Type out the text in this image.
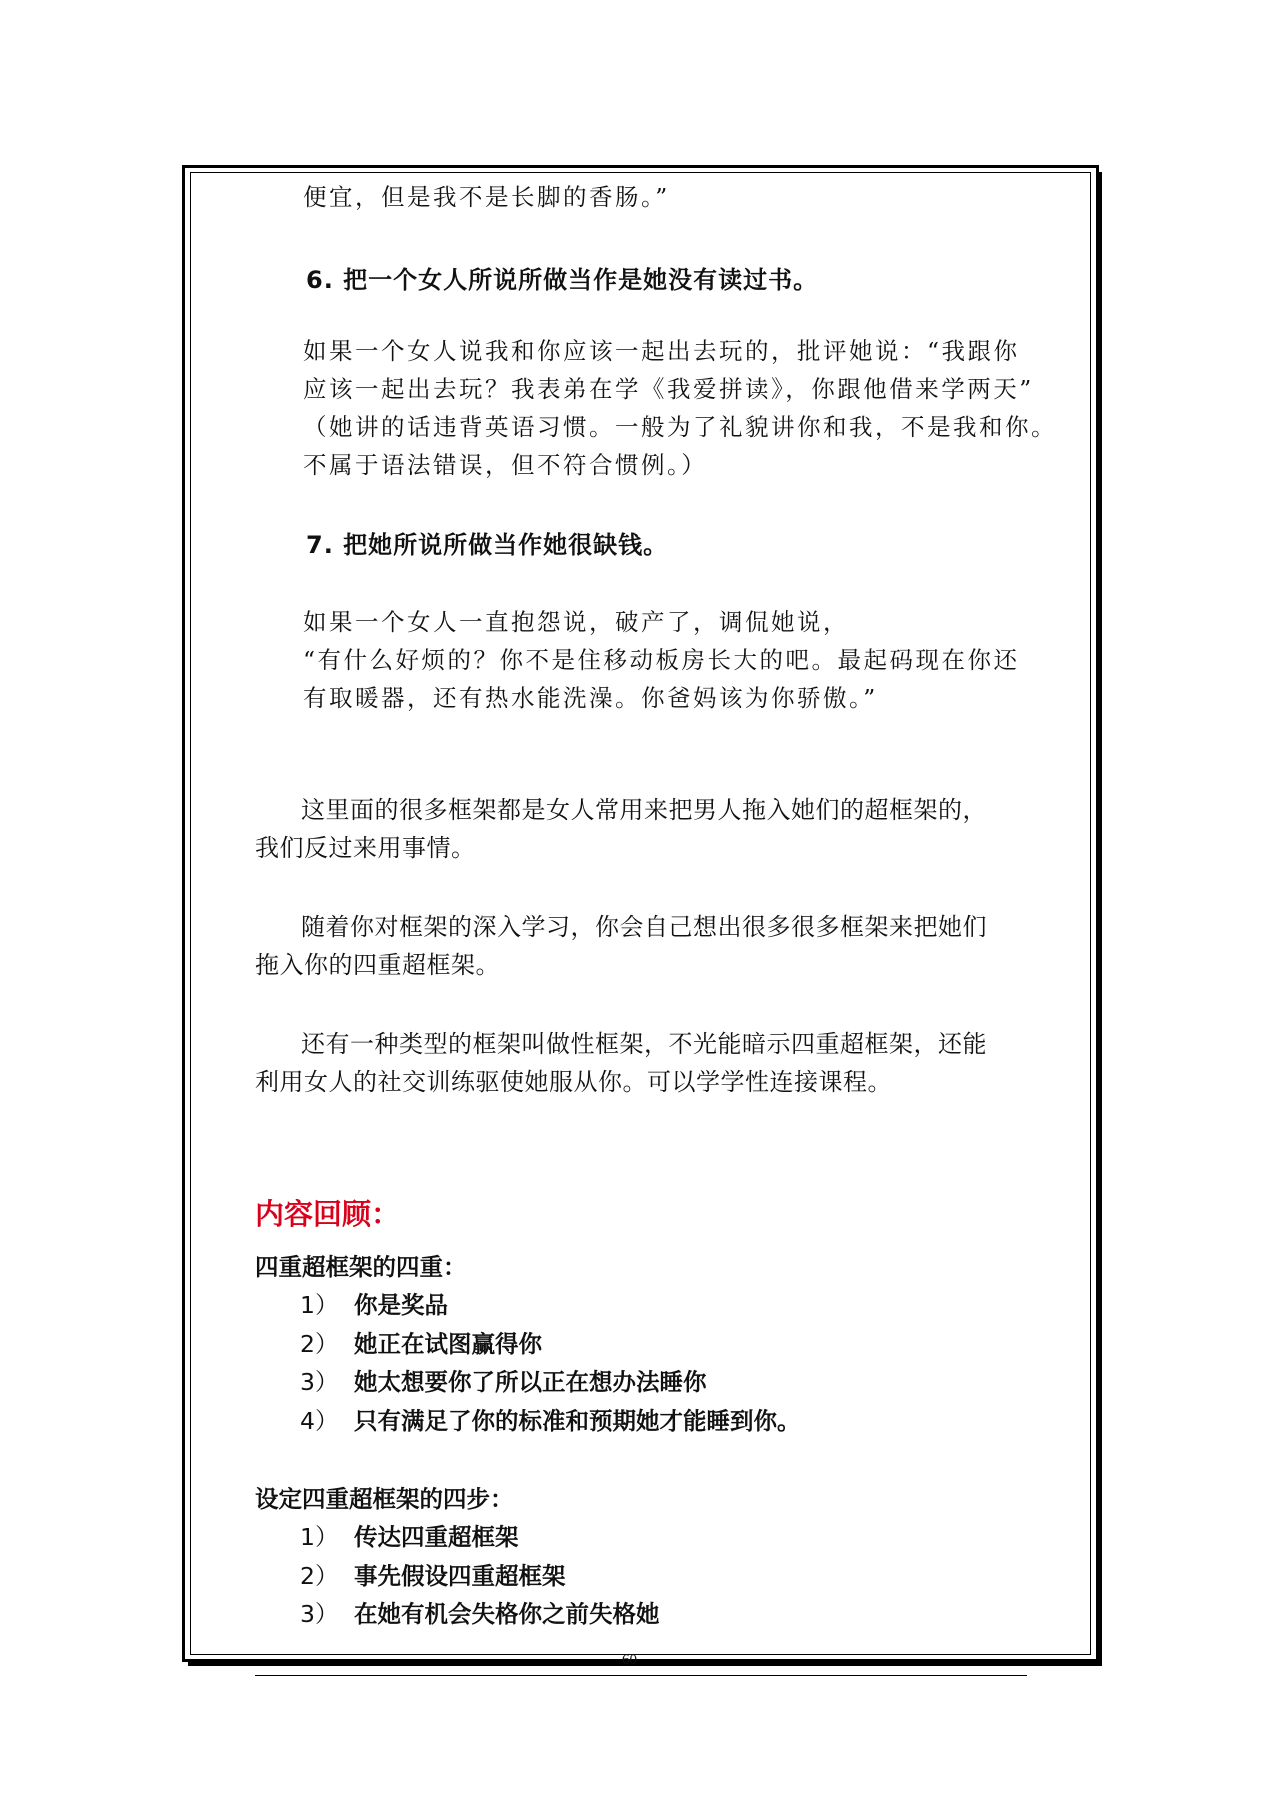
便宜，但是我不是长脚的香肠。”
6. 把一个女人所说所做当作是她没有读过书。
如果一个女人说我和你应该一起出去玩的，批评她说：“我跟你
应该一起出去玩？我表弟在学《我爱拼读》，你跟他借来学两天”
（她讲的话违背英语习惯。一般为了礼貌讲你和我，不是我和你。
不属于语法错误，但不符合惯例。）
7. 把她所说所做当作她很缺钱。
如果一个女人一直抱怨说，破产了，调侃她说，
“有什么好烦的？你不是住移动板房长大的吧。最起码现在你还
有取暖器，还有热水能洗澡。你爸妈该为你骄傲。”
这里面的很多框架都是女人常用来把男人拖入她们的超框架的，
我们反过来用事情。
随着你对框架的深入学习，你会自己想出很多很多框架来把她们
拖入你的四重超框架。
还有一种类型的框架叫做性框架，不光能暗示四重超框架，还能
利用女人的社交训练驱使她服从你。可以学学性连接课程。
内容回顾：
四重超框架的四重：
1） 你是奖品
2） 她正在试图赢得你
3） 她太想要你了所以正在想办法睡你
4） 只有满足了你的标准和预期她才能睡到你。
设定四重超框架的四步：
1） 传达四重超框架
2） 事先假设四重超框架
3） 在她有机会失格你之前失格她
60
